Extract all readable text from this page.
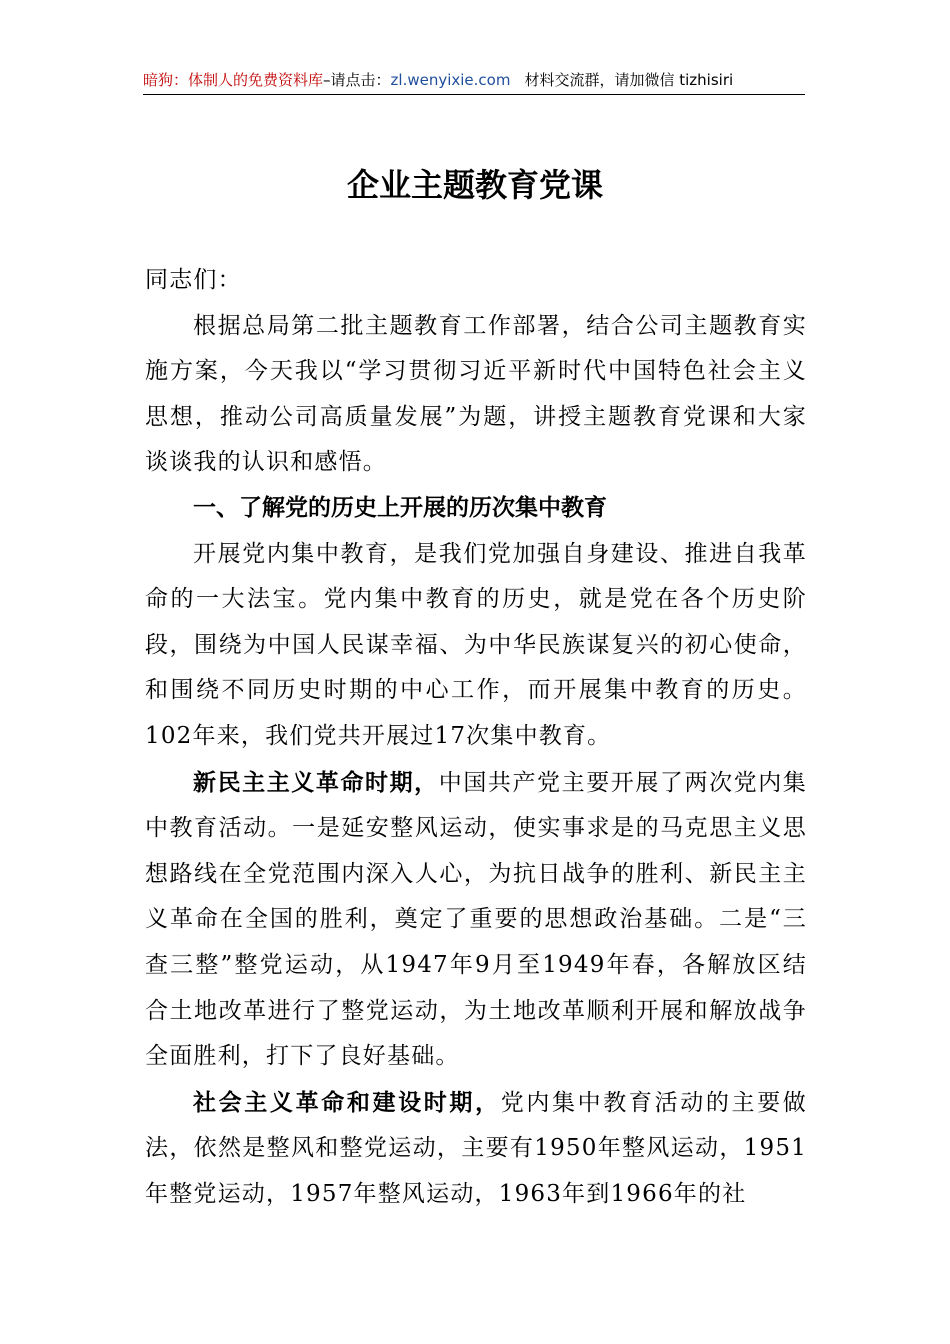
暗狗：体制人的免费资料库–请点击：zl.wenyixie.com 材料交流群，请加微信 tizhisiri
企业主题教育党课

同志们：

根据总局第二批主题教育工作部署，结合公司主题教育实施方案，今天我以“学习贯彻习近平新时代中国特色社会主义思想，推动公司高质量发展”为题，讲授主题教育党课和大家谈谈我的认识和感悟。

一、了解党的历史上开展的历次集中教育

开展党内集中教育，是我们党加强自身建设、推进自我革命的一大法宝。党内集中教育的历史，就是党在各个历史阶段，围绕为中国人民谋幸福、为中华民族谋复兴的初心使命，和围绕不同历史时期的中心工作，而开展集中教育的历史。102年来，我们党共开展过17次集中教育。

新民主主义革命时期，中国共产党主要开展了两次党内集中教育活动。一是延安整风运动，使实事求是的马克思主义思想路线在全党范围内深入人心，为抗日战争的胜利、新民主主义革命在全国的胜利，奠定了重要的思想政治基础。二是“三查三整”整党运动，从1947年9月至1949年春，各解放区结合土地改革进行了整党运动，为土地改革顺利开展和解放战争全面胜利，打下了良好基础。

社会主义革命和建设时期，党内集中教育活动的主要做法，依然是整风和整党运动，主要有1950年整风运动，1951年整党运动，1957年整风运动，1963年到1966年的社
